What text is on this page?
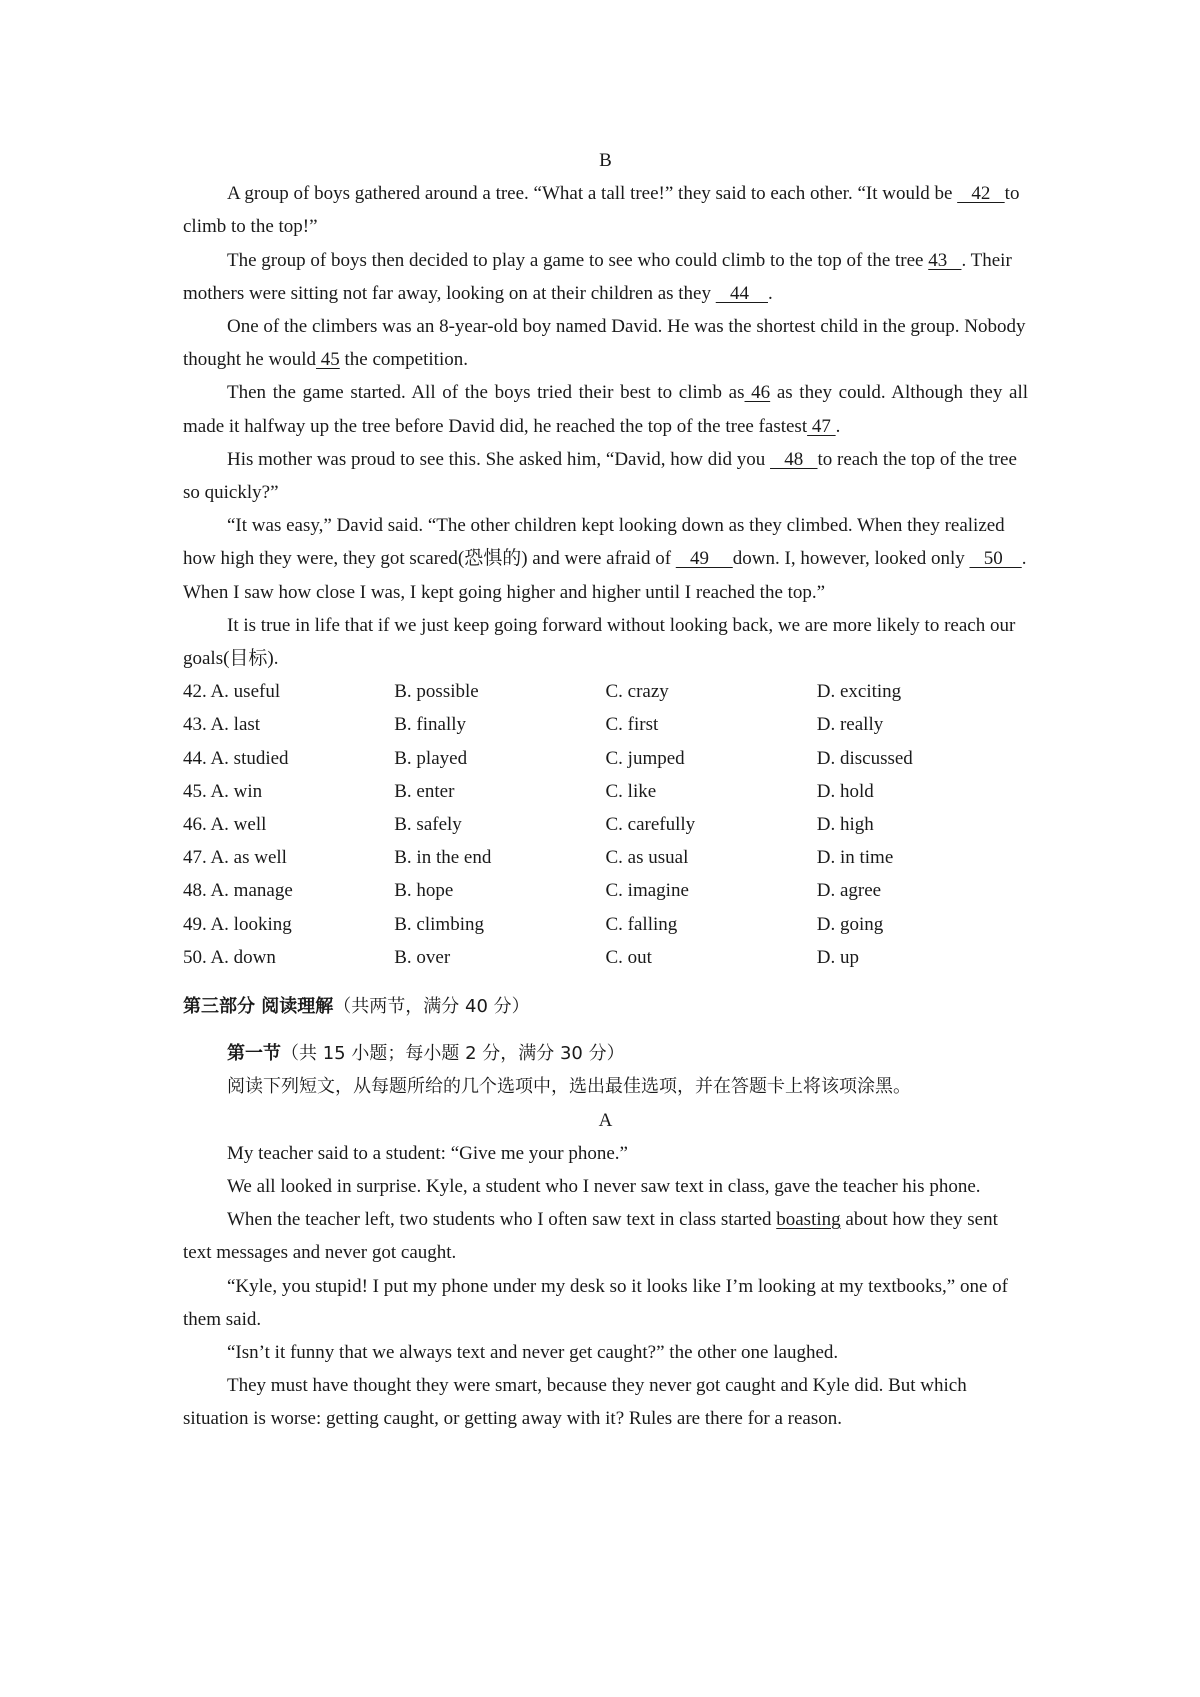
B

A group of boys gathered around a tree. “What a tall tree!” they said to each other. “It would be    42   to climb to the top!”

The group of boys then decided to play a game to see who could climb to the top of the tree 43   . Their mothers were sitting not far away, looking on at their children as they    44    .

One of the climbers was an 8-year-old boy named David. He was the shortest child in the group. Nobody thought he would 45 the competition.

Then the game started. All of the boys tried their best to climb as 46 as they could. Although they all made it halfway up the tree before David did, he reached the top of the tree fastest 47 .

His mother was proud to see this. She asked him, “David, how did you    48   to reach the top of the tree so quickly?”

“It was easy,” David said. “The other children kept looking down as they climbed. When they realized how high they were, they got scared(恐惧的) and were afraid of    49     down. I, however, looked only    50    . When I saw how close I was, I kept going higher and higher until I reached the top.”

It is true in life that if we just keep going forward without looking back, we are more likely to reach our goals(目标).

42. A. useful	B. possible	C. crazy	D. exciting
43. A. last	B. finally	C. first	D. really
44. A. studied	B. played	C. jumped	D. discussed
45. A. win	B. enter	C. like	D. hold
46. A. well	B. safely	C. carefully	D. high
47. A. as well	B. in the end	C. as usual	D. in time
48. A. manage	B. hope	C. imagine	D. agree
49. A. looking	B. climbing	C. falling	D. going
50. A. down	B. over	C. out	D. up
第三部分 阅读理解（共两节，满分 40 分）
第一节（共 15 小题；每小题 2 分，满分 30 分）
阅读下列短文，从每题所给的几个选项中，选出最佳选项，并在答题卡上将该项涂黑。
A

My teacher said to a student: “Give me your phone.”

We all looked in surprise. Kyle, a student who I never saw text in class, gave the teacher his phone.

When the teacher left, two students who I often saw text in class started boasting about how they sent text messages and never got caught.

“Kyle, you stupid! I put my phone under my desk so it looks like I’m looking at my textbooks,” one of them said.

“Isn’t it funny that we always text and never get caught?” the other one laughed.

They must have thought they were smart, because they never got caught and Kyle did. But which situation is worse: getting caught, or getting away with it? Rules are there for a reason.
